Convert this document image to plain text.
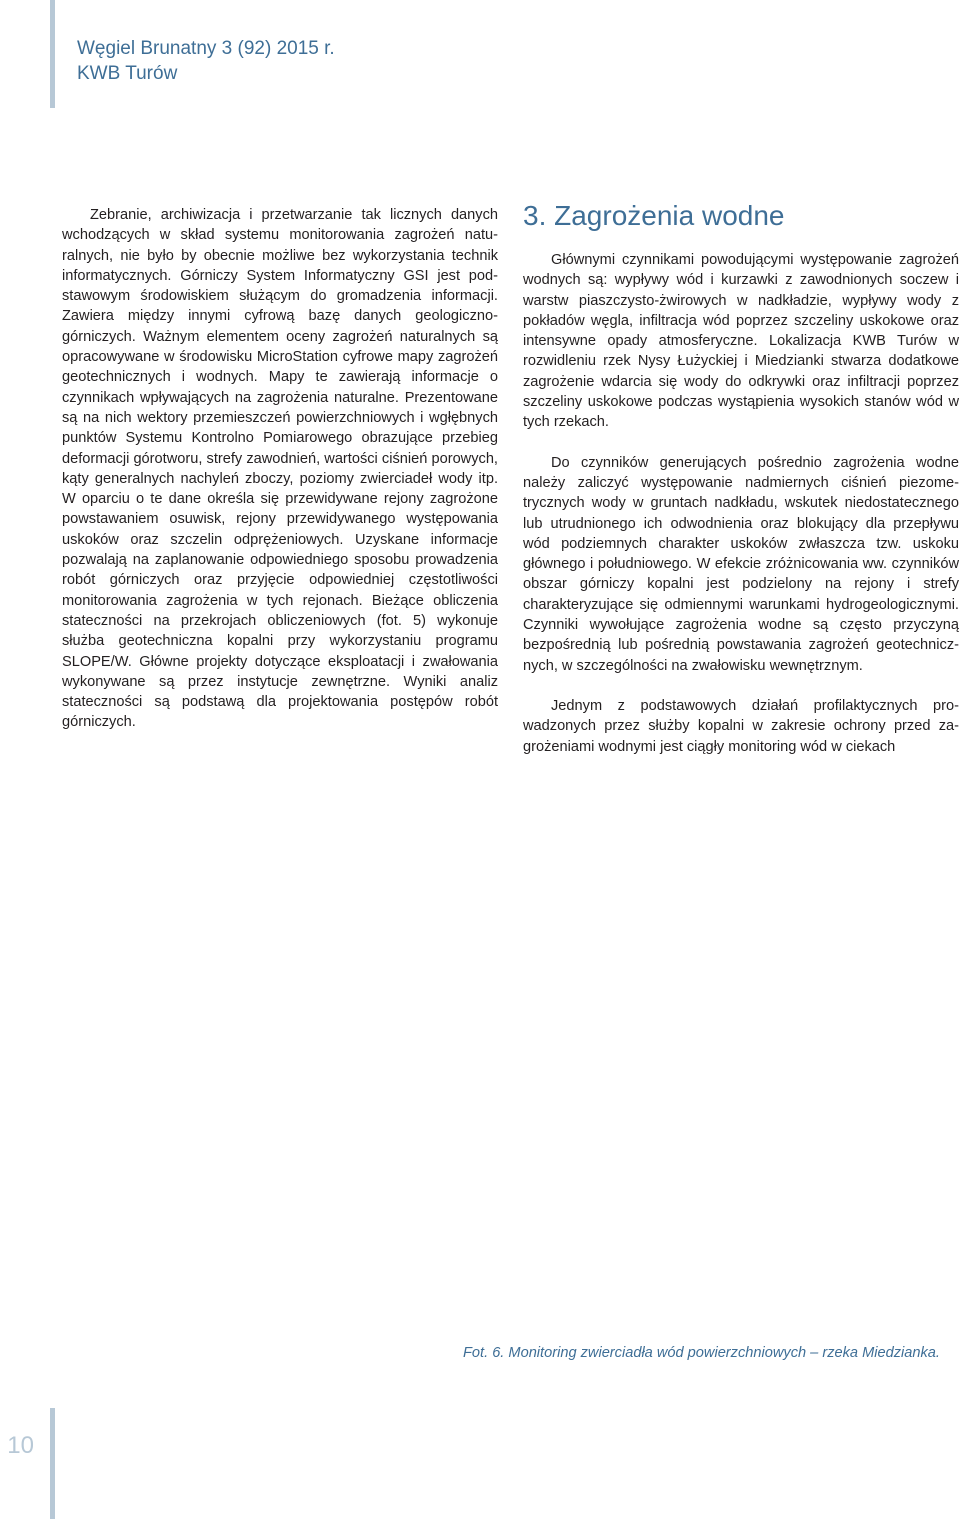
Węgiel Brunatny 3 (92) 2015 r.
KWB Turów

Zebranie, archiwizacja i przetwarzanie tak licznych danych wchodzących w skład systemu monitorowania zagrożeń naturalnych, nie było by obecnie możliwe bez wykorzystania technik informatycznych. Górniczy System Informatyczny GSI jest podstawowym środowiskiem służącym do gromadzenia informacji. Zawiera między innymi cyfrową bazę danych geologicznogórniczych. Ważnym elementem oceny zagrożeń naturalnych są opracowywane w środowisku MicroStation cyfrowe mapy zagrożeń geotechnicznych i wodnych. Mapy te zawierają informacje o czynnikach wpływających na zagrożenia naturalne. Prezentowane są na nich wektory przemieszczeń powierzchniowych i wgłębnych punktów Systemu Kontrolno Pomiarowego obrazujące przebieg deformacji górotworu, strefy zawodnień, wartości ciśnień porowych, kąty generalnych nachyleń zboczy, poziomy zwierciadeł wody itp. W oparciu o te dane określa się przewidywane rejony zagrożone powstawaniem osuwisk, rejony przewidywanego występowania uskoków oraz szczelin odprężeniowych. Uzyskane informacje pozwalają na zaplanowanie odpowiedniego sposobu prowadzenia robót górniczych oraz przyjęcie odpowiedniej częstotliwości monitorowania zagrożenia w tych rejonach. Bieżące obliczenia stateczności na przekrojach obliczeniowych (fot. 5) wykonuje służba geotechniczna kopalni przy wykorzystaniu programu SLOPE/W. Główne projekty dotyczące eksploatacji i zwałowania wykonywane są przez instytucje zewnętrzne. Wyniki analiz stateczności są podstawą dla projektowania postępów robót górniczych.

3. Zagrożenia wodne

Głównymi czynnikami powodującymi występowanie zagrożeń wodnych są: wypływy wód i kurzawki z zawodnionych soczew i warstw piaszczysto-żwirowych w nadkładzie, wypływy wody z pokładów węgla, infiltracja wód poprzez szczeliny uskokowe oraz intensywne opady atmosferyczne. Lokalizacja KWB Turów w rozwidleniu rzek Nysy Łużyckiej i Miedzianki stwarza dodatkowe zagrożenie wdarcia się wody do odkrywki oraz infiltracji poprzez szczeliny uskokowe podczas wystąpienia wysokich stanów wód w tych rzekach.

Do czynników generujących pośrednio zagrożenia wodne należy zaliczyć występowanie nadmiernych ciśnień piezometrycznych wody w gruntach nadkładu, wskutek niedostatecznego lub utrudnionego ich odwodnienia oraz blokujący dla przepływu wód podziemnych charakter uskoków zwłaszcza tzw. uskoku głównego i południowego. W efekcie zróżnicowania ww. czynników obszar górniczy kopalni jest podzielony na rejony i strefy charakteryzujące się odmiennymi warunkami hydrogeologicznymi. Czynniki wywołujące zagrożenia wodne są często przyczyną bezpośrednią lub pośrednią powstawania zagrożeń geotechnicznych, w szczególności na zwałowisku wewnętrznym.

Jednym z podstawowych działań profilaktycznych prowadzonych przez służby kopalni w zakresie ochrony przed zagrożeniami wodnymi jest ciągły monitoring wód w ciekach

Fot. 6. Monitoring zwierciadła wód powierzchniowych – rzeka Miedzianka.
10
